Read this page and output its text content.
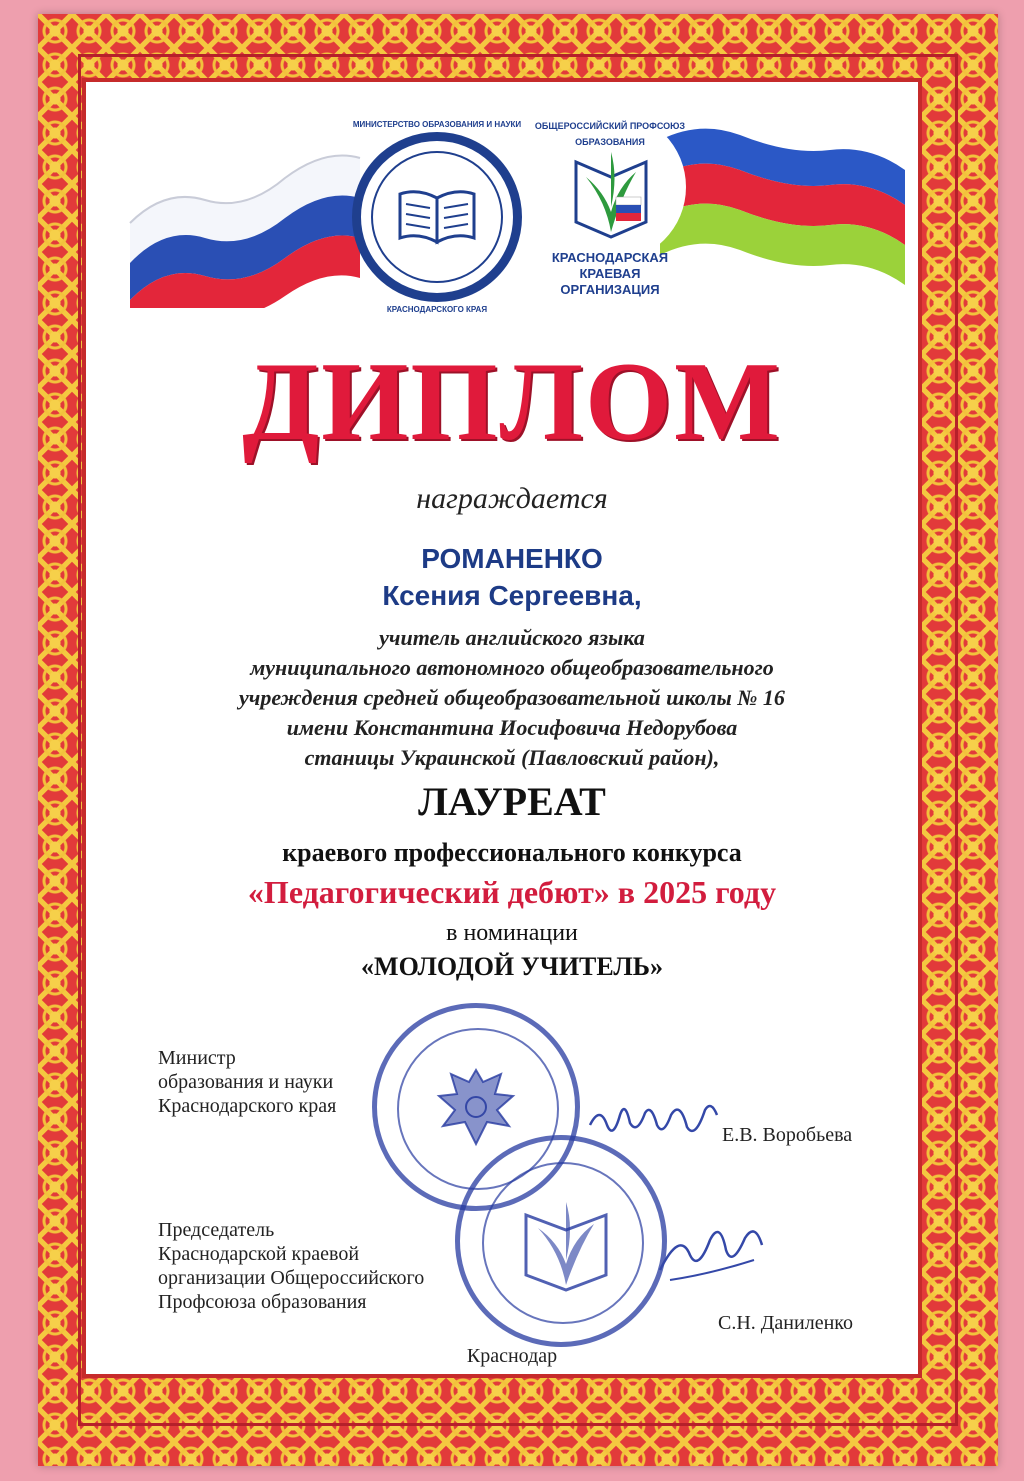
МИНИСТЕРСТВО ОБРАЗОВАНИЯ И НАУКИ
КРАСНОДАРСКОГО КРАЯ
ОБЩЕРОССИЙСКИЙ ПРОФСОЮЗ ОБРАЗОВАНИЯ
КРАСНОДАРСКАЯ
КРАЕВАЯ
ОРГАНИЗАЦИЯ
ДИПЛОМ
награждается
РОМАНЕНКО
Ксения Сергеевна,
учитель английского языка
муниципального автономного общеобразовательного
учреждения средней общеобразовательной школы № 16
имени Константина Иосифовича Недорубова
станицы Украинской (Павловский район),
ЛАУРЕАТ
краевого профессионального конкурса
«Педагогический дебют» в 2025 году
в номинации
«МОЛОДОЙ УЧИТЕЛЬ»
Министр
образования и науки
Краснодарского края
Е.В. Воробьева
Председатель
Краснодарской краевой
организации Общероссийского
Профсоюза образования
С.Н. Даниленко
Краснодар
